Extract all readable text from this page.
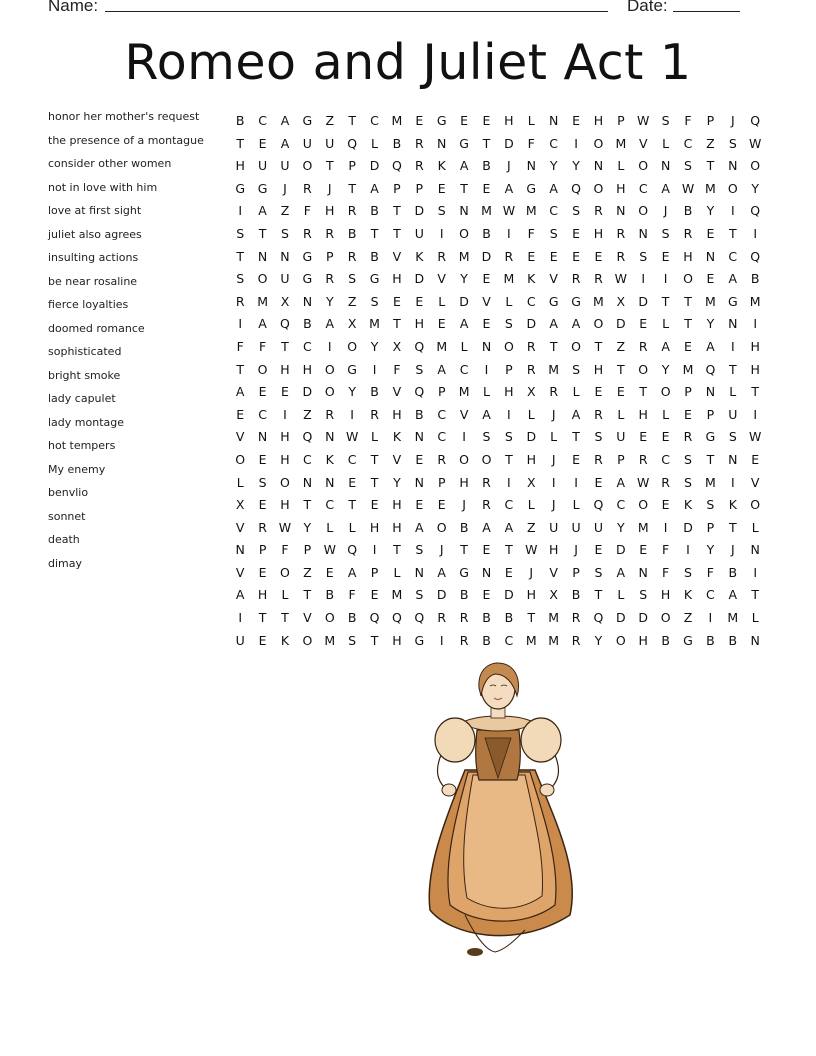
Name:	Date:
Romeo and Juliet Act 1
honor her mother's request
the presence of a montague
consider other women
not in love with him
love at first sight
juliet also agrees
insulting actions
be near rosaline
fierce loyalties
doomed romance
sophisticated
bright smoke
lady capulet
lady montage
hot tempers
My enemy
benvlio
sonnet
death
dimay
B	C	A	G	Z	T	C	M	E	G	E	E	H	L	N	E	H	P W S	F	P	J	Q
T	E	A	U	U	Q	L	B	R	N	G	T	D	F	C	I	O M	V	L	C	Z	S W
H	U	U	O	T	P	D	Q	R	K	A	B	J	N	Y	Y	N	L	O	N	S	T	N	O
G	G	J	R	J	T	A	P	P	E	T	E	A	G	A	Q	O	H	C	A W M O	Y
I	A	Z	F	H	R	B	T	D	S	N M W M	C	S	R	N	O	J	B	Y	I	Q
S	T	S	R	R	B	T	T	U	I	O	B	I	F	S	E	H	R	N	S	R	E	T	I
T	N	N	G	P	R	B	V	K	R	M D	R	E	E	E	E	R	S	E	H	N	C	Q
S	O	U	G	R	S	G	H	D	V	Y	E	M	K	V	R	R W	I	I	O	E	A	B
R	M	X	N	Y	Z	S	E	E	L	D	V	L	C	G	G M	X	D	T	T	M G M
I	A	Q	B	A	X	M	T	H	E	A	E	S	D	A	A	O	D	E	L	T	Y	N	I
F	F	T	C	I	O	Y	X	Q M	L	N	O	R	T	O	T	Z	R	A	E	A	I	H
T	O	H	H	O	G	I	F	S	A	C	I	P	R	M	S	H	T	O	Y	M Q	T	H
A	E	E	D	O	Y	B	V	Q	P	M	L	H	X	R	L	E	E	T	O	P	N	L	T
E	C	I	Z	R	I	R	H	B	C	V	A	I	L	J	A	R	L	H	L	E	P	U	I
V	N	H	Q	N W	L	K	N	C	I	S	S	D	L	T	S	U	E	E	R	G	S W
O	E	H	C	K	C	T	V	E	R	O	O	T	H	J	E	R	P	R	C	S	T	N	E
L	S	O	N	N	E	T	Y	N	P	H	R	I	X	I	I	E	A W R	S	M	I	V
X	E	H	T	C	T	E	H	E	E	J	R	C	L	J	L	Q	C	O	E	K	S	K	O
V	R W Y	L	L	H	H	A	O	B	A	A	Z	U	U	U	Y	M	I	D	P	T	L
N	P	F	P W Q	I	T	S	J	T	E	T W H	J	E	D	E	F	I	Y	J	N
V	E	O	Z	E	A	P	L	N	A	G	N	E	J	V	P	S	A	N	F	S	F	B	I
A	H	L	T	B	F	E	M	S	D	B	E	D	H	X	B	T	L	S	H	K	C	A	T
I	T	T	V	O	B	Q	Q	Q	R	R	B	B	T	M	R	Q	D	D	O	Z	I	M	L
U	E	K	O M	S	T	H	G	I	R	B	C	M M	R	Y	O	H	B	G	B	B	N
